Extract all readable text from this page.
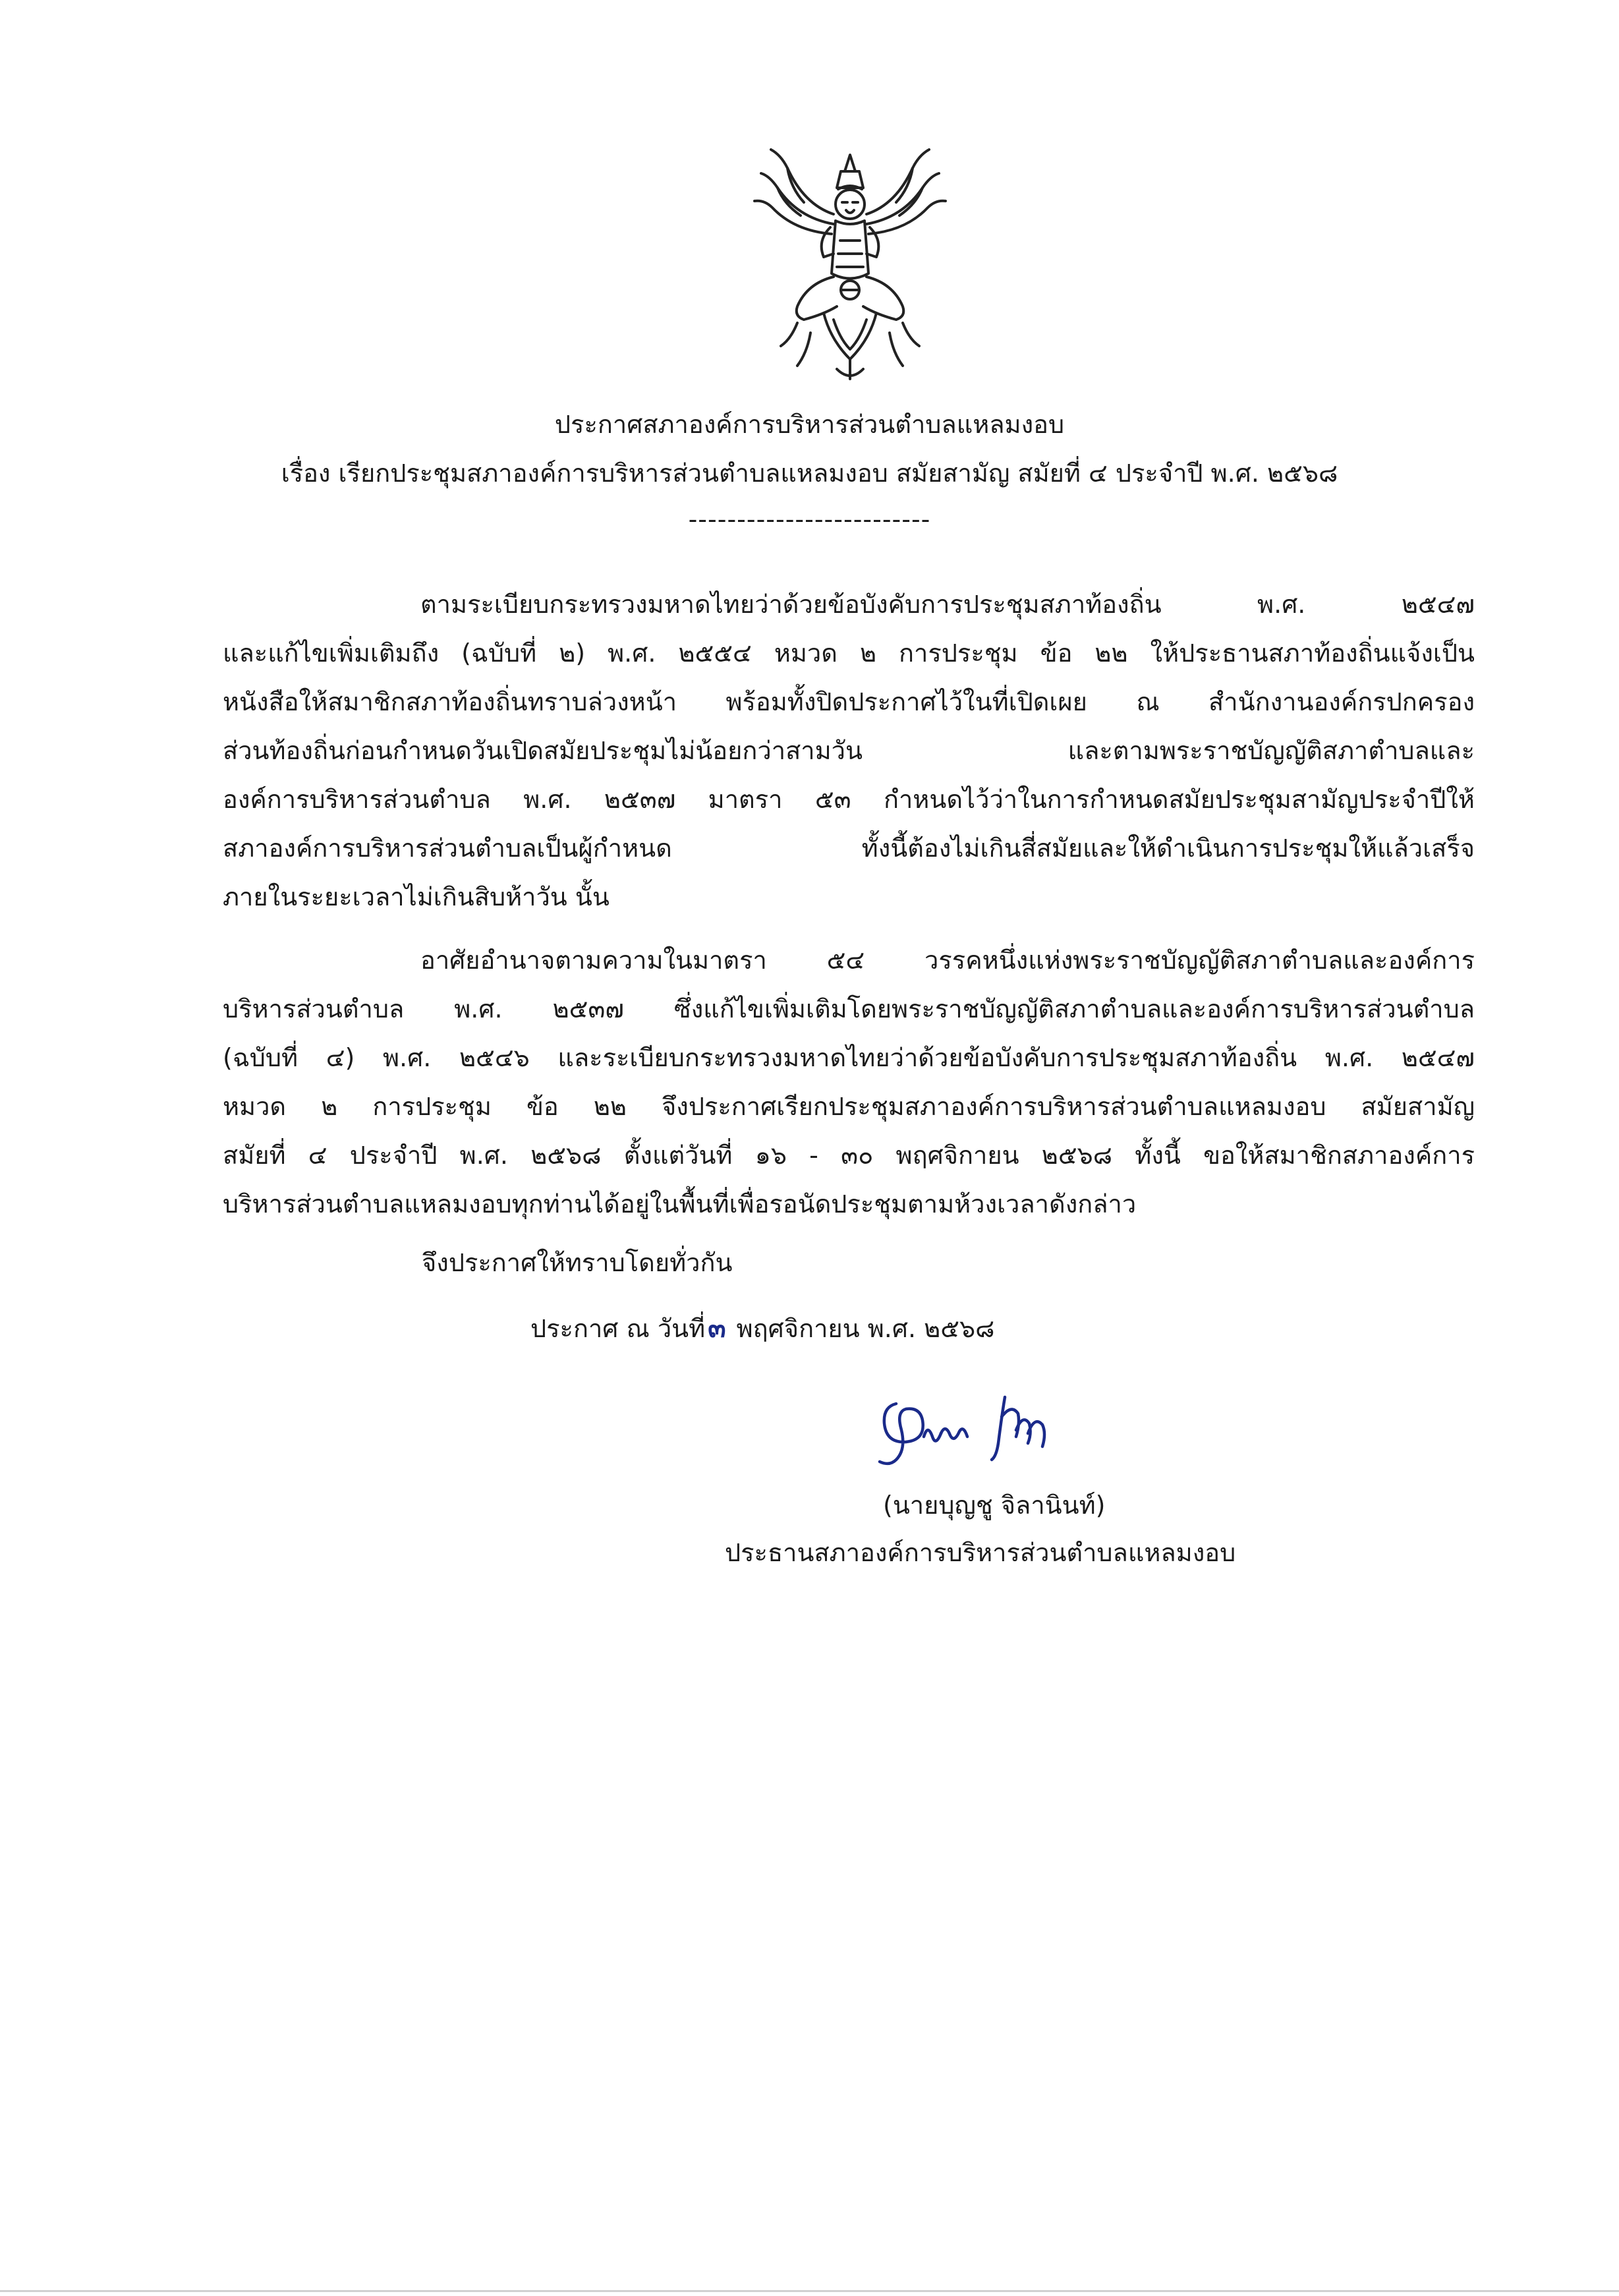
ประกาศสภาองค์การบริหารส่วนตำบลแหลมงอบ
เรื่อง เรียกประชุมสภาองค์การบริหารส่วนตำบลแหลมงอบ สมัยสามัญ สมัยที่ ๔ ประจำปี พ.ศ. ๒๕๖๘
-------------------------
ตามระเบียบกระทรวงมหาดไทยว่าด้วยข้อบังคับการประชุมสภาท้องถิ่น พ.ศ. ๒๕๔๗
และแก้ไขเพิ่มเติมถึง (ฉบับที่ ๒) พ.ศ. ๒๕๕๔ หมวด ๒ การประชุม ข้อ ๒๒ ให้ประธานสภาท้องถิ่นแจ้งเป็น
หนังสือให้สมาชิกสภาท้องถิ่นทราบล่วงหน้า พร้อมทั้งปิดประกาศไว้ในที่เปิดเผย ณ สำนักงานองค์กรปกครอง
ส่วนท้องถิ่นก่อนกำหนดวันเปิดสมัยประชุมไม่น้อยกว่าสามวัน และตามพระราชบัญญัติสภาตำบลและ
องค์การบริหารส่วนตำบล พ.ศ. ๒๕๓๗ มาตรา ๕๓ กำหนดไว้ว่าในการกำหนดสมัยประชุมสามัญประจำปีให้
สภาองค์การบริหารส่วนตำบลเป็นผู้กำหนด ทั้งนี้ต้องไม่เกินสี่สมัยและให้ดำเนินการประชุมให้แล้วเสร็จ
ภายในระยะเวลาไม่เกินสิบห้าวัน นั้น
อาศัยอำนาจตามความในมาตรา ๕๔ วรรคหนึ่งแห่งพระราชบัญญัติสภาตำบลและองค์การ
บริหารส่วนตำบล พ.ศ. ๒๕๓๗ ซึ่งแก้ไขเพิ่มเติมโดยพระราชบัญญัติสภาตำบลและองค์การบริหารส่วนตำบล
(ฉบับที่ ๔) พ.ศ. ๒๕๔๖ และระเบียบกระทรวงมหาดไทยว่าด้วยข้อบังคับการประชุมสภาท้องถิ่น พ.ศ. ๒๕๔๗
หมวด ๒ การประชุม ข้อ ๒๒ จึงประกาศเรียกประชุมสภาองค์การบริหารส่วนตำบลแหลมงอบ สมัยสามัญ
สมัยที่ ๔ ประจำปี พ.ศ. ๒๕๖๘ ตั้งแต่วันที่ ๑๖ - ๓๐ พฤศจิกายน ๒๕๖๘ ทั้งนี้ ขอให้สมาชิกสภาองค์การ
บริหารส่วนตำบลแหลมงอบทุกท่านได้อยู่ในพื้นที่เพื่อรอนัดประชุมตามห้วงเวลาดังกล่าว
จึงประกาศให้ทราบโดยทั่วกัน
ประกาศ ณ วันที่ ๓ พฤศจิกายน พ.ศ. ๒๕๖๘
(นายบุญชู จิลานินท์)
ประธานสภาองค์การบริหารส่วนตำบลแหลมงอบ
